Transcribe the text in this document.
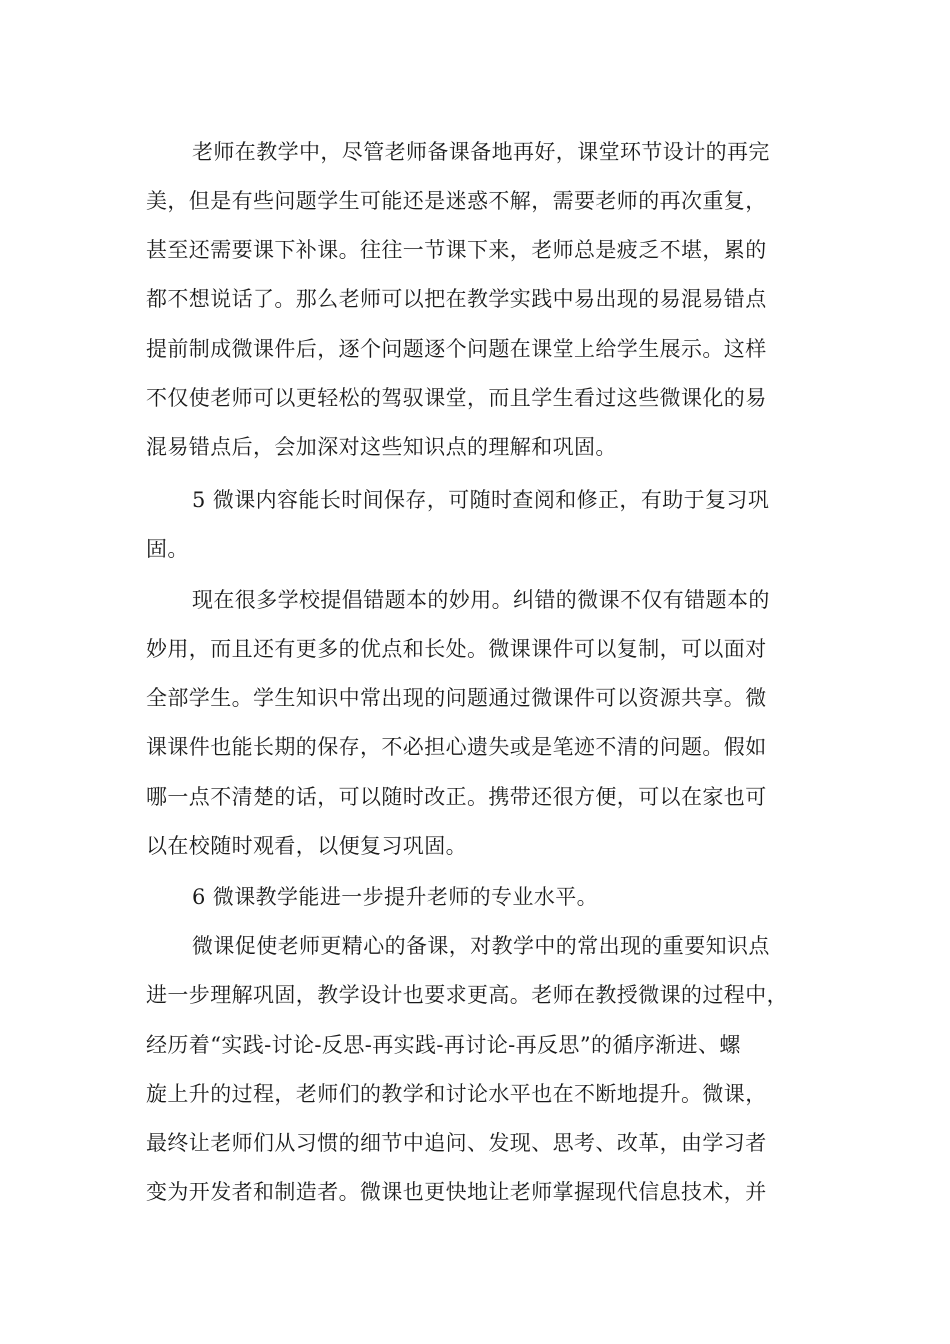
老师在教学中，尽管老师备课备地再好，课堂环节设计的再完
美，但是有些问题学生可能还是迷惑不解，需要老师的再次重复，
甚至还需要课下补课。往往一节课下来，老师总是疲乏不堪，累的
都不想说话了。那么老师可以把在教学实践中易出现的易混易错点
提前制成微课件后，逐个问题逐个问题在课堂上给学生展示。这样
不仅使老师可以更轻松的驾驭课堂，而且学生看过这些微课化的易
混易错点后，会加深对这些知识点的理解和巩固。
5 微课内容能长时间保存，可随时查阅和修正，有助于复习巩
固。
现在很多学校提倡错题本的妙用。纠错的微课不仅有错题本的
妙用，而且还有更多的优点和长处。微课课件可以复制，可以面对
全部学生。学生知识中常出现的问题通过微课件可以资源共享。微
课课件也能长期的保存，不必担心遗失或是笔迹不清的问题。假如
哪一点不清楚的话，可以随时改正。携带还很方便，可以在家也可
以在校随时观看，以便复习巩固。
6 微课教学能进一步提升老师的专业水平。
微课促使老师更精心的备课，对教学中的常出现的重要知识点
进一步理解巩固，教学设计也要求更高。老师在教授微课的过程中，
经历着“实践-讨论-反思-再实践-再讨论-再反思”的循序渐进、螺
旋上升的过程，老师们的教学和讨论水平也在不断地提升。微课，
最终让老师们从习惯的细节中追问、发现、思考、改革，由学习者
变为开发者和制造者。微课也更快地让老师掌握现代信息技术，并
